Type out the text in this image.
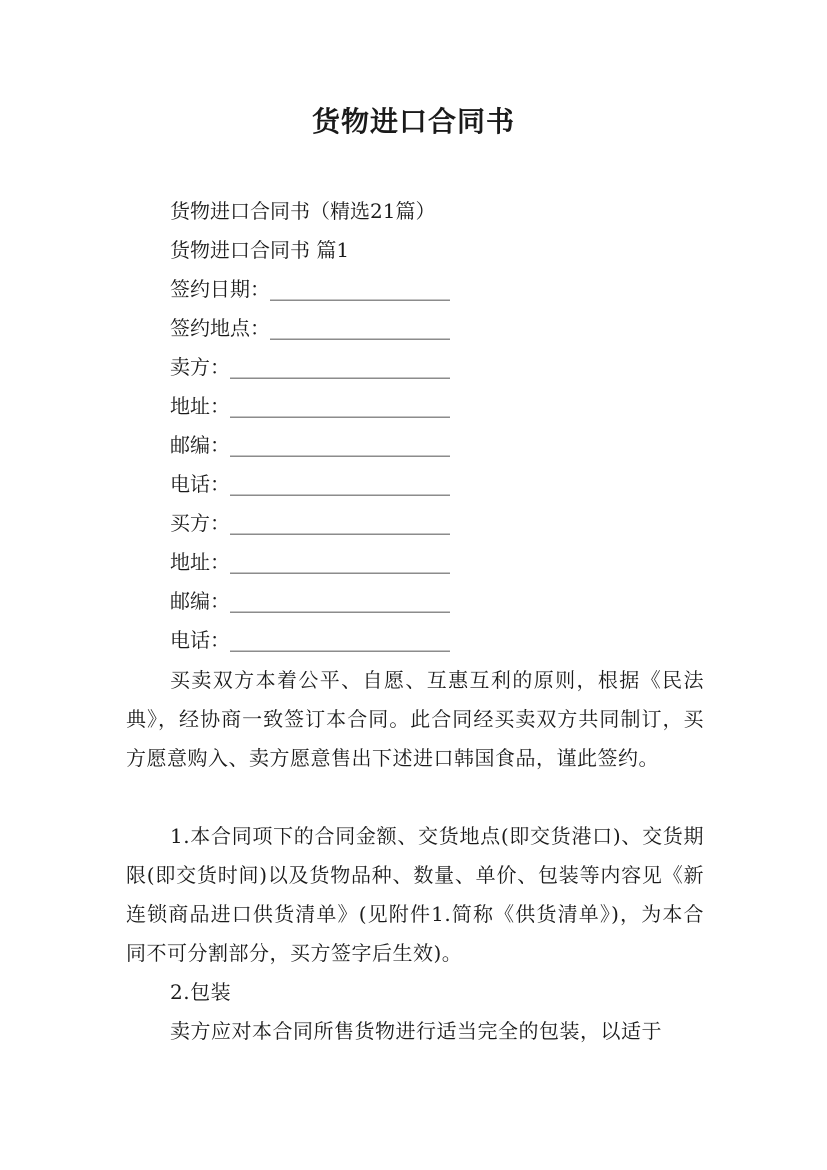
货物进口合同书
货物进口合同书（精选21篇）
货物进口合同书 篇1
签约日期：__________________
签约地点：__________________
卖方：______________________
地址：______________________
邮编：______________________
电话：______________________
买方：______________________
地址：______________________
邮编：______________________
电话：______________________
买卖双方本着公平、自愿、互惠互利的原则，根据《民法典》，经协商一致签订本合同。此合同经买卖双方共同制订，买方愿意购入、卖方愿意售出下述进口韩国食品，谨此签约。
1.本合同项下的合同金额、交货地点(即交货港口)、交货期限(即交货时间)以及货物品种、数量、单价、包装等内容见《新连锁商品进口供货清单》(见附件1.简称《供货清单》)，为本合同不可分割部分，买方签字后生效)。
2.包装
卖方应对本合同所售货物进行适当完全的包装，以适于
